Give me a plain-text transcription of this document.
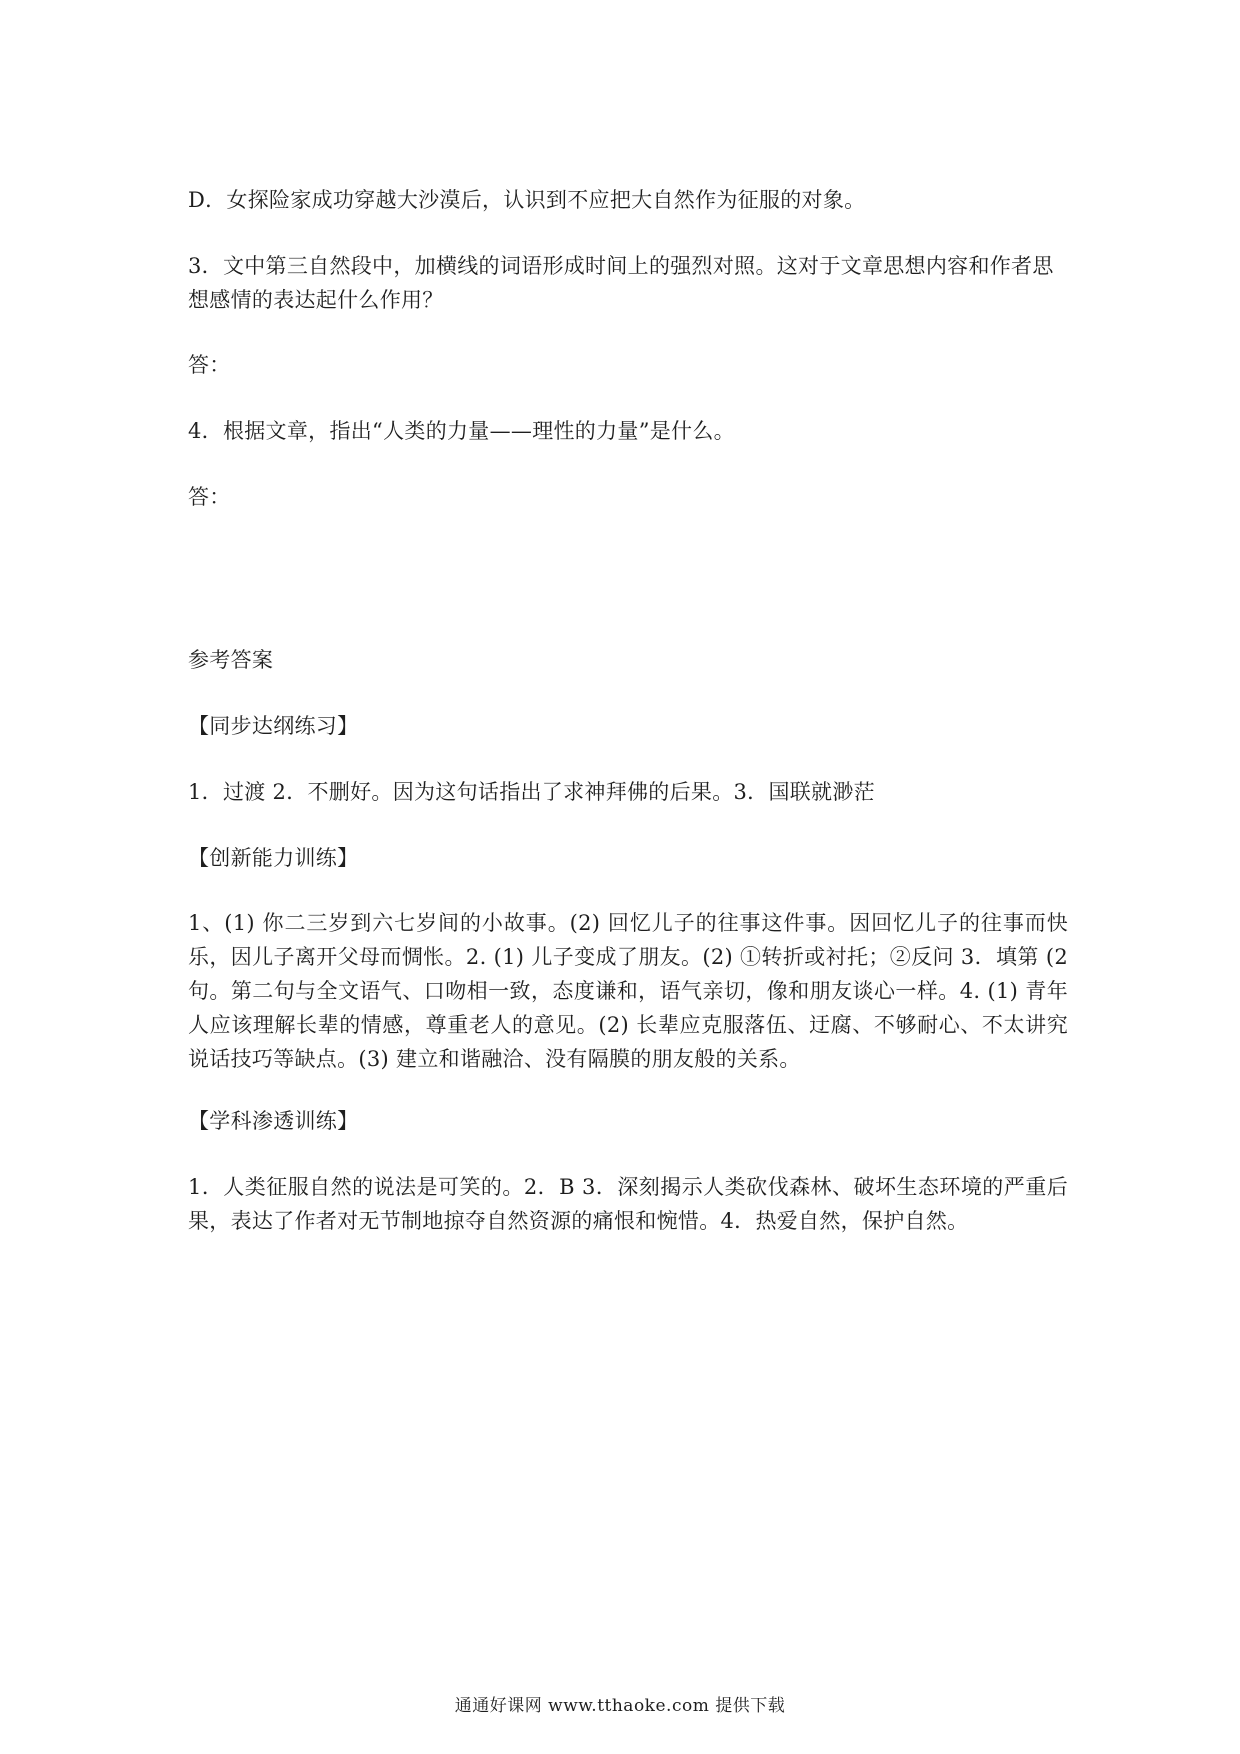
D．女探险家成功穿越大沙漠后，认识到不应把大自然作为征服的对象。

3．文中第三自然段中，加横线的词语形成时间上的强烈对照。这对于文章思想内容和作者思想感情的表达起什么作用？

答：

4．根据文章，指出“人类的力量——理性的力量”是什么。

答：

参考答案

【同步达纲练习】

1．过渡 2．不删好。因为这句话指出了求神拜佛的后果。3．国联就渺茫

【创新能力训练】

1、(1) 你二三岁到六七岁间的小故事。(2) 回忆儿子的往事这件事。因回忆儿子的往事而快乐，因儿子离开父母而惆怅。2. (1) 儿子变成了朋友。(2) ①转折或衬托；②反问 3．填第 (2 句。第二句与全文语气、口吻相一致，态度谦和，语气亲切，像和朋友谈心一样。4. (1) 青年人应该理解长辈的情感，尊重老人的意见。(2) 长辈应克服落伍、迂腐、不够耐心、不太讲究说话技巧等缺点。(3) 建立和谐融洽、没有隔膜的朋友般的关系。

【学科渗透训练】

1．人类征服自然的说法是可笑的。2．B 3．深刻揭示人类砍伐森林、破坏生态环境的严重后果，表达了作者对无节制地掠夺自然资源的痛恨和惋惜。4．热爱自然，保护自然。

通通好课网 www.tthaoke.com 提供下载
